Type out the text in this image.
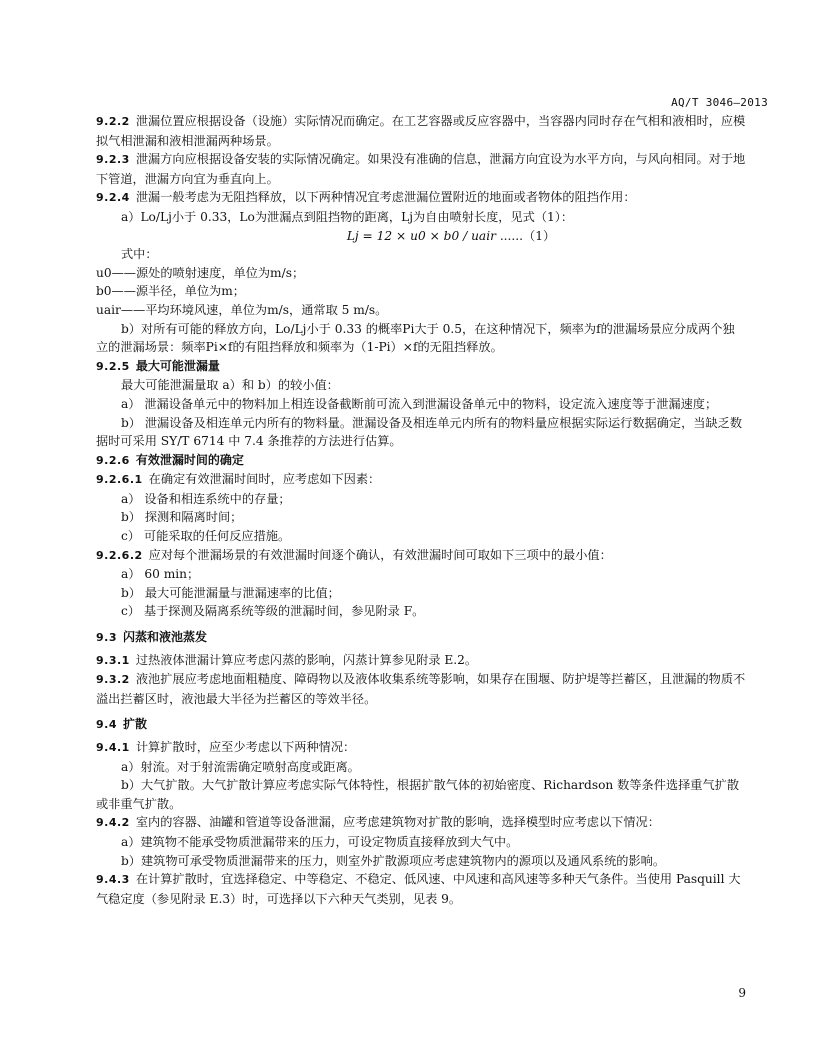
AQ/T 3046—2013

9.2.2 泄漏位置应根据设备（设施）实际情况而确定。在工艺容器或反应容器中，当容器内同时存在气相和液相时，应模拟气相泄漏和液相泄漏两种场景。

9.2.3 泄漏方向应根据设备安装的实际情况确定。如果没有准确的信息，泄漏方向宜设为水平方向，与风向相同。对于地下管道，泄漏方向宜为垂直向上。

9.2.4 泄漏一般考虑为无阻挡释放，以下两种情况宜考虑泄漏位置附近的地面或者物体的阻挡作用：

a）Lo/Lj小于 0.33，Lo为泄漏点到阻挡物的距离，Lj为自由喷射长度，见式（1）：

Lj = 12 × u0 × b0 / uair ......（1）

式中：

u0——源处的喷射速度，单位为m/s；

b0——源半径，单位为m；

uair——平均环境风速，单位为m/s，通常取 5 m/s。

b）对所有可能的释放方向，Lo/Lj小于 0.33 的概率Pi大于 0.5，在这种情况下，频率为f的泄漏场景应分成两个独立的泄漏场景：频率Pi×f的有阻挡释放和频率为（1-Pi）×f的无阻挡释放。

9.2.5 最大可能泄漏量

最大可能泄漏量取 a）和 b）的较小值：

a） 泄漏设备单元中的物料加上相连设备截断前可流入到泄漏设备单元中的物料，设定流入速度等于泄漏速度；

b） 泄漏设备及相连单元内所有的物料量。泄漏设备及相连单元内所有的物料量应根据实际运行数据确定，当缺乏数据时可采用 SY/T 6714 中 7.4 条推荐的方法进行估算。

9.2.6 有效泄漏时间的确定

9.2.6.1 在确定有效泄漏时间时，应考虑如下因素：

a） 设备和相连系统中的存量；

b） 探测和隔离时间；

c） 可能采取的任何反应措施。

9.2.6.2 应对每个泄漏场景的有效泄漏时间逐个确认，有效泄漏时间可取如下三项中的最小值：

a） 60 min；

b） 最大可能泄漏量与泄漏速率的比值；

c） 基于探测及隔离系统等级的泄漏时间，参见附录 F。

9.3 闪蒸和液池蒸发

9.3.1 过热液体泄漏计算应考虑闪蒸的影响，闪蒸计算参见附录 E.2。

9.3.2 液池扩展应考虑地面粗糙度、障碍物以及液体收集系统等影响，如果存在围堰、防护堤等拦蓄区，且泄漏的物质不溢出拦蓄区时，液池最大半径为拦蓄区的等效半径。

9.4 扩散

9.4.1 计算扩散时，应至少考虑以下两种情况：

a）射流。对于射流需确定喷射高度或距离。

b）大气扩散。大气扩散计算应考虑实际气体特性，根据扩散气体的初始密度、Richardson 数等条件选择重气扩散或非重气扩散。

9.4.2 室内的容器、油罐和管道等设备泄漏，应考虑建筑物对扩散的影响，选择模型时应考虑以下情况：

a）建筑物不能承受物质泄漏带来的压力，可设定物质直接释放到大气中。

b）建筑物可承受物质泄漏带来的压力，则室外扩散源项应考虑建筑物内的源项以及通风系统的影响。

9.4.3 在计算扩散时，宜选择稳定、中等稳定、不稳定、低风速、中风速和高风速等多种天气条件。当使用 Pasquill 大气稳定度（参见附录 E.3）时，可选择以下六种天气类别，见表 9。

9
